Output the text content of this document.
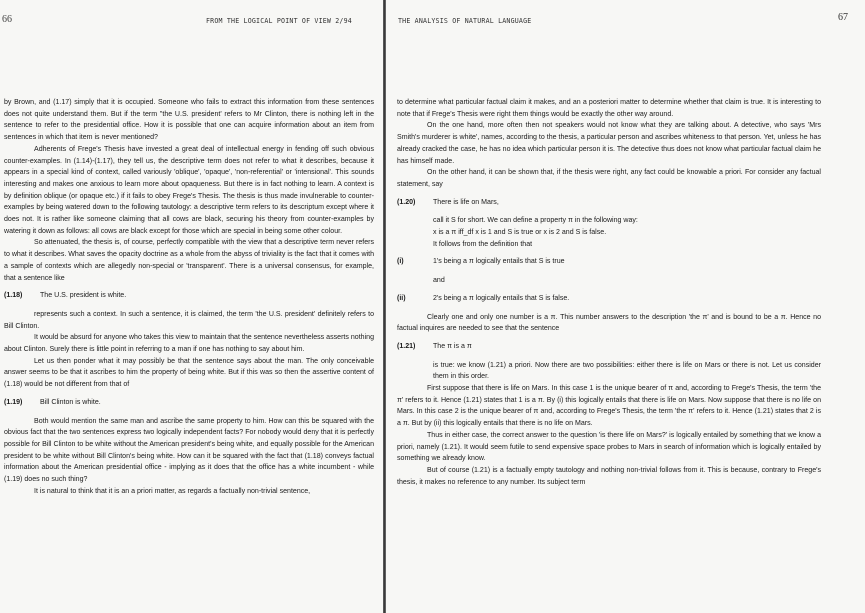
66	FROM THE LOGICAL POINT OF VIEW 2/94

by Brown, and (1.17) simply that it is occupied. Someone who fails to extract this information from these sentences does not quite understand them. But if the term "the U.S. president' refers to Mr Clinton, there is nothing left in the sentence to refer to the presidential office. How it is possible that one can acquire information about an item from sentences in which that item is never mentioned?

Adherents of Frege's Thesis have invested a great deal of intellectual energy in fending off such obvious counter-examples. In (1.14)-(1.17), they tell us, the descriptive term does not refer to what it describes, because it appears in a special kind of context, called variously 'oblique', 'opaque', 'non-referential' or 'intensional'. This sounds interesting and makes one anxious to learn more about opaqueness. But there is in fact nothing to learn. A context is by definition oblique (or opaque etc.) if it fails to obey Frege's Thesis. The thesis is thus made invulnerable to counter-examples by being watered down to the following tautology: a descriptive term refers to its descriptum except where it does not. It is rather like someone claiming that all cows are black, securing his theory from counter-examples by watering it down as follows: all cows are black except for those which are special in being some other colour.

So attenuated, the thesis is, of course, perfectly compatible with the view that a descriptive term never refers to what it describes. What saves the opacity doctrine as a whole from the abyss of triviality is the fact that it comes with a sample of contexts which are allegedly non-special or 'transparent'. There is a universal consensus, for example, that a sentence like

(1.18)	The U.S. president is white.

represents such a context. In such a sentence, it is claimed, the term 'the U.S. president' definitely refers to Bill Clinton.

It would be absurd for anyone who takes this view to maintain that the sentence nevertheless asserts nothing about Clinton. Surely there is little point in referring to a man if one has nothing to say about him.

Let us then ponder what it may possibly be that the sentence says about the man. The only conceivable answer seems to be that it ascribes to him the property of being white. But if this was so then the assertive content of (1.18) would be not different from that of

(1.19)	Bill Clinton is white.

Both would mention the same man and ascribe the same property to him. How can this be squared with the obvious fact that the two sentences express two logically independent facts? For nobody would deny that it is perfectly possible for Bill Clinton to be white without the American president's being white, and equally possible for the American president to be white without Bill Clinton's being white. How can it be squared with the fact that (1.18) conveys factual information about the American presidential office - implying as it does that the office has a white incumbent - while (1.19) does no such thing?

It is natural to think that it is an a priori matter, as regards a factually non-trivial sentence,

THE ANALYSIS OF NATURAL LANGUAGE	67

to determine what particular factual claim it makes, and an a posteriori matter to determine whether that claim is true. It is interesting to note that if Frege's Thesis were right them things would be exactly the other way around.

On the one hand, more often then not speakers would not know what they are talking about. A detective, who says 'Mrs Smith's murderer is white', names, according to the thesis, a particular person and ascribes whiteness to that person. Yet, unless he has already cracked the case, he has no idea which particular person it is. The detective thus does not know what particular factual claim he has himself made.

On the other hand, it can be shown that, if the thesis were right, any fact could be knowable a priori. For consider any factual statement, say

(1.20)	There is life on Mars,

call it S for short. We can define a property π in the following way:

x is a π iff_df x is 1 and S is true or x is 2 and S is false.

It follows from the definition that

(i)	1's being a π logically entails that S is true

and

(ii)	2's being a π logically entails that S is false.

Clearly one and only one number is a π. This number answers to the description 'the π' and is bound to be a π. Hence no factual inquires are needed to see that the sentence

(1.21)	The π is a π

is true: we know (1.21) a priori. Now there are two possibilities: either there is life on Mars or there is not. Let us consider them in this order.

First suppose that there is life on Mars. In this case 1 is the unique bearer of π and, according to Frege's Thesis, the term 'the π' refers to it. Hence (1.21) states that 1 is a π. By (i) this logically entails that there is life on Mars. Now suppose that there is no life on Mars. In this case 2 is the unique bearer of π and, according to Frege's Thesis, the term 'the π' refers to it. Hence (1.21) states that 2 is a π. But by (ii) this logically entails that there is no life on Mars.

Thus in either case, the correct answer to the question 'is there life on Mars?' is logically entailed by something that we know a priori, namely (1.21). It would seem futile to send expensive space probes to Mars in search of information which is logically entailed by something we already know.

But of course (1.21) is a factually empty tautology and nothing non-trivial follows from it. This is because, contrary to Frege's thesis, it makes no reference to any number. Its subject term
